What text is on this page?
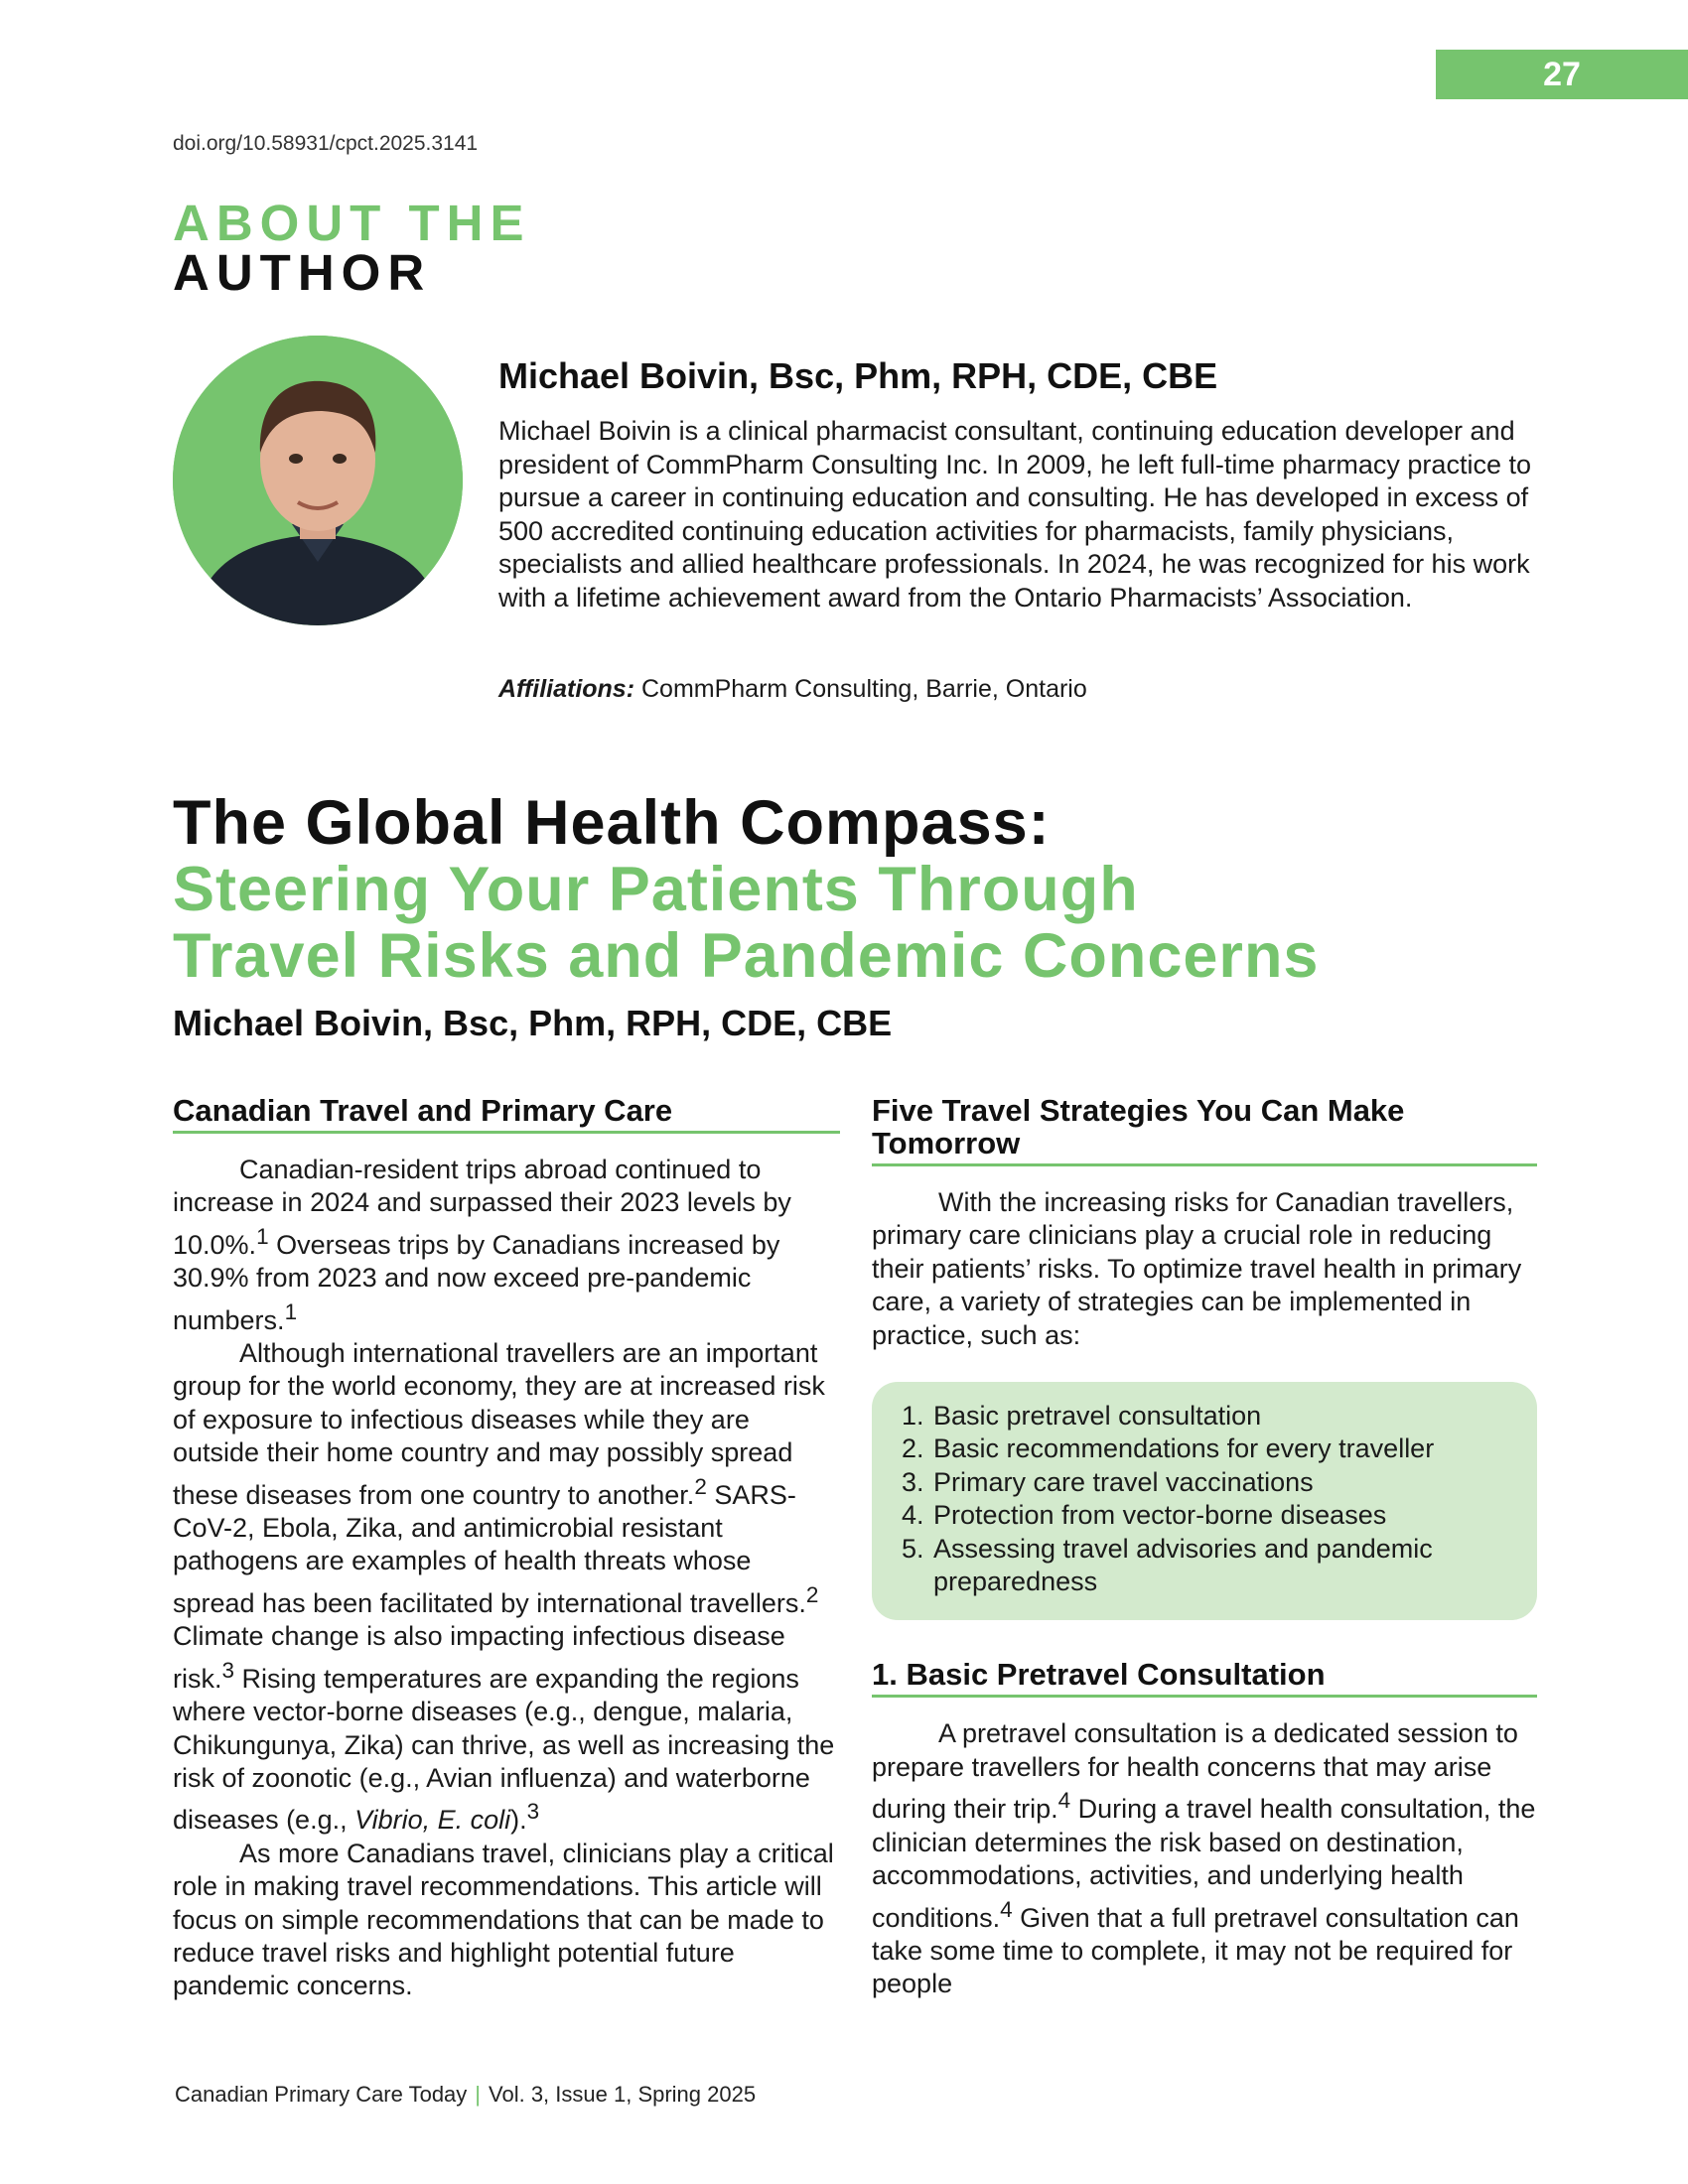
27
doi.org/10.58931/cpct.2025.3141
ABOUT THE
AUTHOR
Michael Boivin, Bsc, Phm, RPH, CDE, CBE

Michael Boivin is a clinical pharmacist consultant, continuing education developer and president of CommPharm Consulting Inc. In 2009, he left full-time pharmacy practice to pursue a career in continuing education and consulting. He has developed in excess of 500 accredited continuing education activities for pharmacists, family physicians, specialists and allied healthcare professionals. In 2024, he was recognized for his work with a lifetime achievement award from the Ontario Pharmacists’ Association.

Affiliations: CommPharm Consulting, Barrie, Ontario
The Global Health Compass:
Steering Your Patients Through
Travel Risks and Pandemic Concerns
Michael Boivin, Bsc, Phm, RPH, CDE, CBE
Canadian Travel and Primary Care

Canadian-resident trips abroad continued to increase in 2024 and surpassed their 2023 levels by 10.0%.$^1$ Overseas trips by Canadians increased by 30.9% from 2023 and now exceed pre-pandemic numbers.$^1$

Although international travellers are an important group for the world economy, they are at increased risk of exposure to infectious diseases while they are outside their home country and may possibly spread these diseases from one country to another.$^2$ SARS-CoV-2, Ebola, Zika, and antimicrobial resistant pathogens are examples of health threats whose spread has been facilitated by international travellers.$^2$ Climate change is also impacting infectious disease risk.$^3$ Rising temperatures are expanding the regions where vector-borne diseases (e.g., dengue, malaria, Chikungunya, Zika) can thrive, as well as increasing the risk of zoonotic (e.g., Avian influenza) and waterborne diseases (e.g., Vibrio, E. coli).$^3$

As more Canadians travel, clinicians play a critical role in making travel recommendations. This article will focus on simple recommendations that can be made to reduce travel risks and highlight potential future pandemic concerns.

Five Travel Strategies You Can Make Tomorrow

With the increasing risks for Canadian travellers, primary care clinicians play a crucial role in reducing their patients’ risks. To optimize travel health in primary care, a variety of strategies can be implemented in practice, such as:

1. Basic pretravel consultation
2. Basic recommendations for every traveller
3. Primary care travel vaccinations
4. Protection from vector-borne diseases
5. Assessing travel advisories and pandemic preparedness
1. Basic Pretravel Consultation

A pretravel consultation is a dedicated session to prepare travellers for health concerns that may arise during their trip.$^4$ During a travel health consultation, the clinician determines the risk based on destination, accommodations, activities, and underlying health conditions.$^4$ Given that a full pretravel consultation can take some time to complete, it may not be required for people

Canadian Primary Care Today | Vol. 3, Issue 1, Spring 2025
